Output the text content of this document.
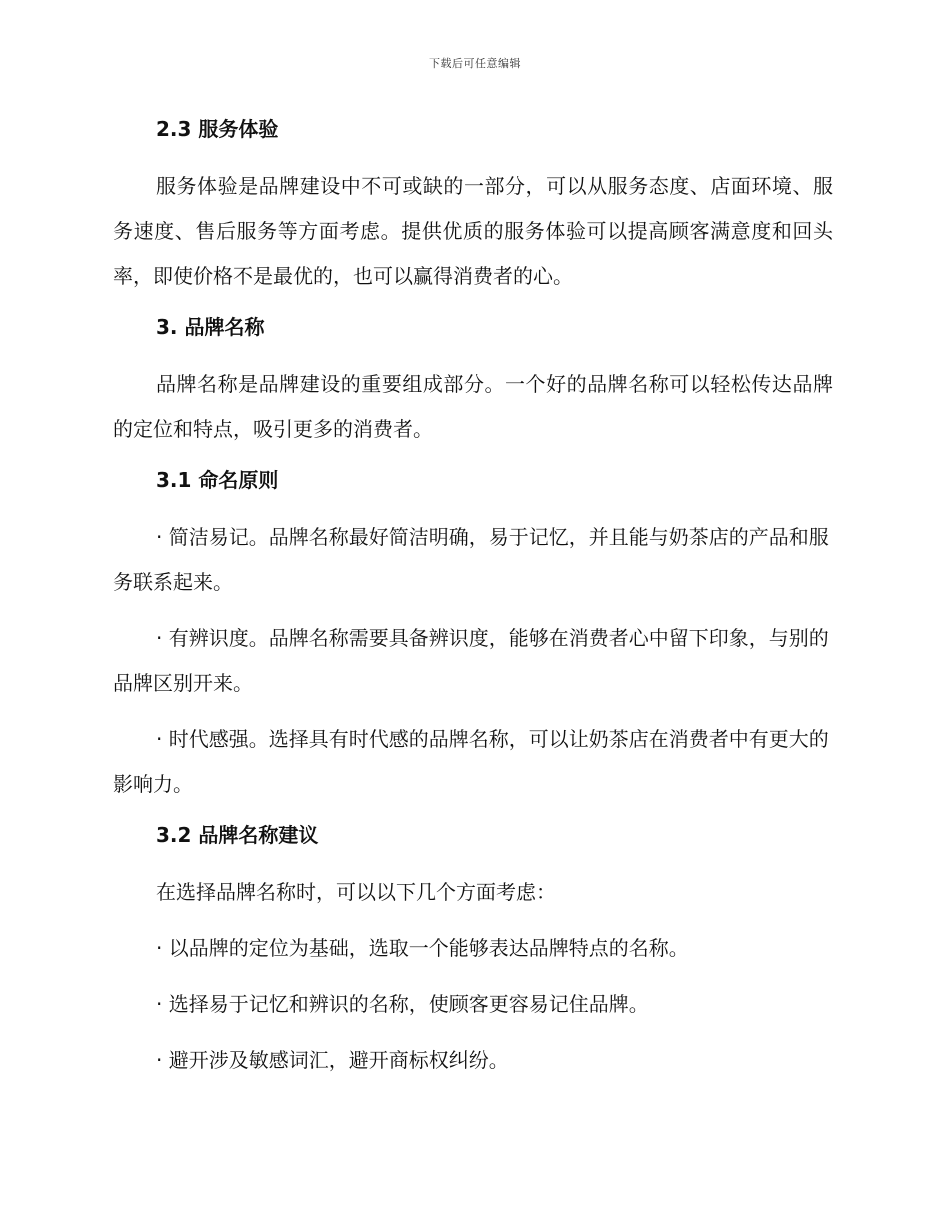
下载后可任意编辑
2.3 服务体验

服务体验是品牌建设中不可或缺的一部分，可以从服务态度、店面环境、服务速度、售后服务等方面考虑。提供优质的服务体验可以提高顾客满意度和回头率，即使价格不是最优的，也可以赢得消费者的心。

3. 品牌名称

品牌名称是品牌建设的重要组成部分。一个好的品牌名称可以轻松传达品牌的定位和特点，吸引更多的消费者。

3.1 命名原则

· 简洁易记。品牌名称最好简洁明确，易于记忆，并且能与奶茶店的产品和服务联系起来。

· 有辨识度。品牌名称需要具备辨识度，能够在消费者心中留下印象，与别的品牌区别开来。

· 时代感强。选择具有时代感的品牌名称，可以让奶茶店在消费者中有更大的影响力。

3.2 品牌名称建议

在选择品牌名称时，可以以下几个方面考虑：

· 以品牌的定位为基础，选取一个能够表达品牌特点的名称。

· 选择易于记忆和辨识的名称，使顾客更容易记住品牌。

· 避开涉及敏感词汇，避开商标权纠纷。
